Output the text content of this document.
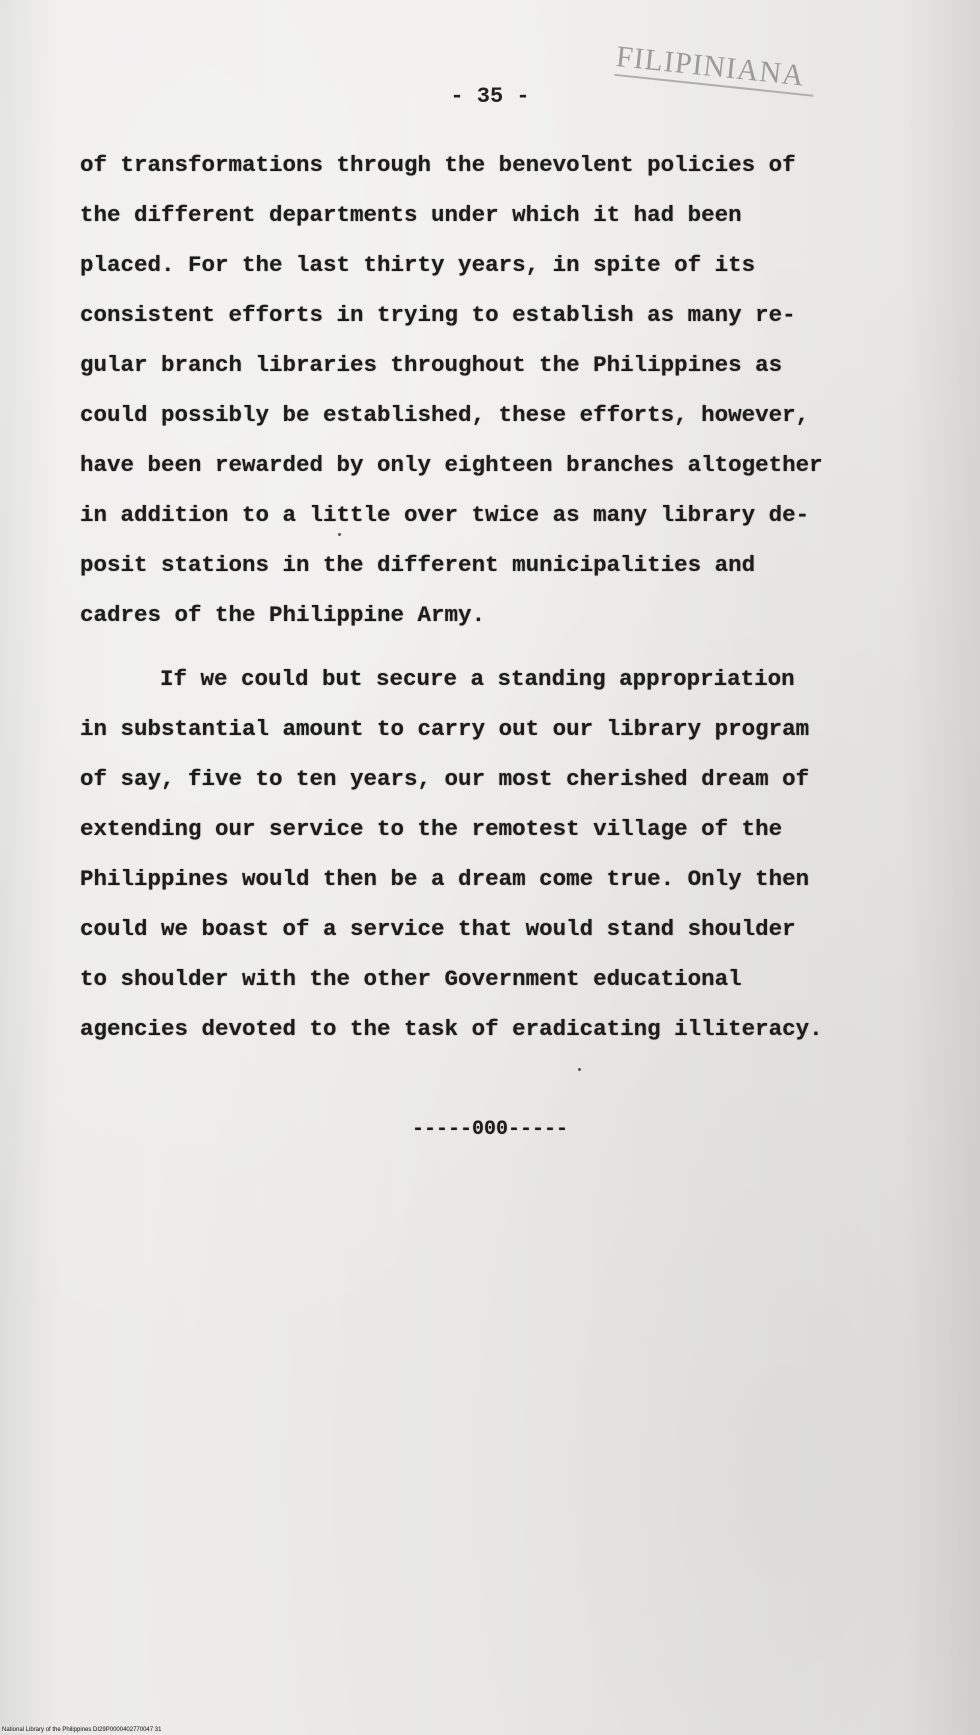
FILIPINIANA
- 35 -
of transformations through the benevolent policies of
the different departments under which it had been
placed. For the last thirty years, in spite of its
consistent efforts in trying to establish as many re-
gular branch libraries throughout the Philippines as
could possibly be established, these efforts, however,
have been rewarded by only eighteen branches altogether
in addition to a little over twice as many library de-
posit stations in the different municipalities and
cadres of the Philippine Army.
If we could but secure a standing appropriation
in substantial amount to carry out our library program
of say, five to ten years, our most cherished dream of
extending our service to the remotest village of the
Philippines would then be a dream come true. Only then
could we boast of a service that would stand shoulder
to shoulder with the other Government educational
agencies devoted to the task of eradicating illiteracy.
-----000-----
National Library of the Philippines DI29P0000402770047 31
